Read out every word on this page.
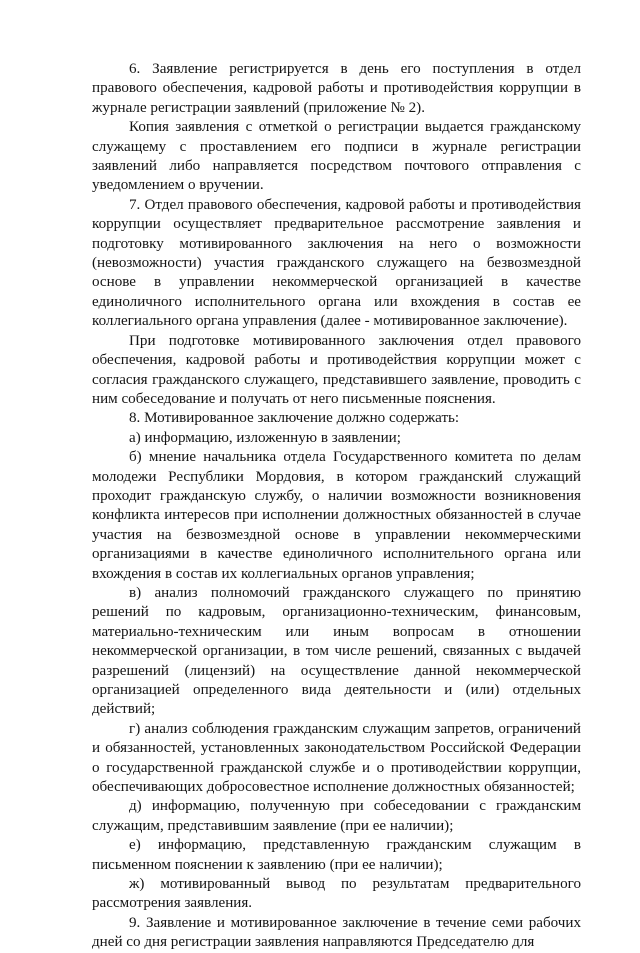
6. Заявление регистрируется в день его поступления в отдел правового обеспечения, кадровой работы и противодействия коррупции в журнале регистрации заявлений (приложение № 2).

Копия заявления с отметкой о регистрации выдается гражданскому служащему с проставлением его подписи в журнале регистрации заявлений либо направляется посредством почтового отправления с уведомлением о вручении.

7. Отдел правового обеспечения, кадровой работы и противодействия коррупции осуществляет предварительное рассмотрение заявления и подготовку мотивированного заключения на него о возможности (невозможности) участия гражданского служащего на безвозмездной основе в управлении некоммерческой организацией в качестве единоличного исполнительного органа или вхождения в состав ее коллегиального органа управления (далее - мотивированное заключение).

При подготовке мотивированного заключения отдел правового обеспечения, кадровой работы и противодействия коррупции может с согласия гражданского служащего, представившего заявление, проводить с ним собеседование и получать от него письменные пояснения.

8. Мотивированное заключение должно содержать:

а) информацию, изложенную в заявлении;

б) мнение начальника отдела Государственного комитета по делам молодежи Республики Мордовия, в котором гражданский служащий проходит гражданскую службу, о наличии возможности возникновения конфликта интересов при исполнении должностных обязанностей в случае участия на безвозмездной основе в управлении некоммерческими организациями в качестве единоличного исполнительного органа или вхождения в состав их коллегиальных органов управления;

в) анализ полномочий гражданского служащего по принятию решений по кадровым, организационно-техническим, финансовым, материально-техническим или иным вопросам в отношении некоммерческой организации, в том числе решений, связанных с выдачей разрешений (лицензий) на осуществление данной некоммерческой организацией определенного вида деятельности и (или) отдельных действий;

г) анализ соблюдения гражданским служащим запретов, ограничений и обязанностей, установленных законодательством Российской Федерации о государственной гражданской службе и о противодействии коррупции, обеспечивающих добросовестное исполнение должностных обязанностей;

д) информацию, полученную при собеседовании с гражданским служащим, представившим заявление (при ее наличии);

е) информацию, представленную гражданским служащим в письменном пояснении к заявлению (при ее наличии);

ж) мотивированный вывод по результатам предварительного рассмотрения заявления.

9. Заявление и мотивированное заключение в течение семи рабочих дней со дня регистрации заявления направляются Председателю для
